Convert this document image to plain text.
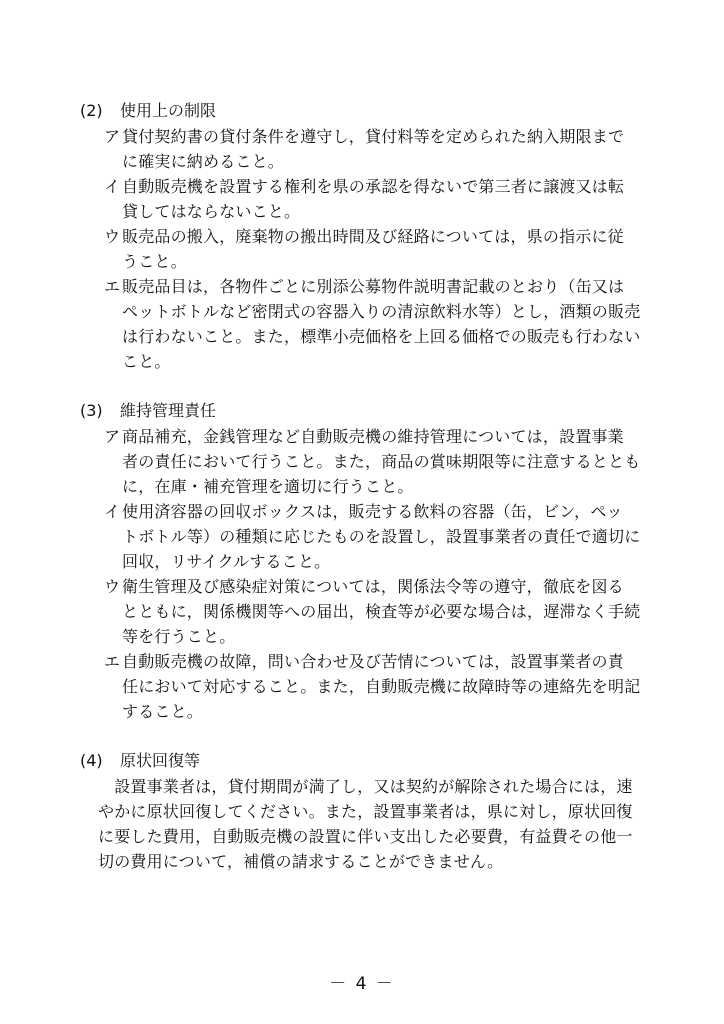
(2) 使用上の制限
ア 貸付契約書の貸付条件を遵守し，貸付料等を定められた納入期限まで
に確実に納めること。
イ 自動販売機を設置する権利を県の承認を得ないで第三者に譲渡又は転
貸してはならないこと。
ウ 販売品の搬入，廃棄物の搬出時間及び経路については，県の指示に従
うこと。
エ 販売品目は，各物件ごとに別添公募物件説明書記載のとおり（缶又は
ペットボトルなど密閉式の容器入りの清涼飲料水等）とし，酒類の販売
は行わないこと。また，標準小売価格を上回る価格での販売も行わない
こと。
(3) 維持管理責任
ア 商品補充，金銭管理など自動販売機の維持管理については，設置事業
者の責任において行うこと。また，商品の賞味期限等に注意するととも
に，在庫・補充管理を適切に行うこと。
イ 使用済容器の回収ボックスは，販売する飲料の容器（缶，ビン，ペッ
トボトル等）の種類に応じたものを設置し，設置事業者の責任で適切に
回収，リサイクルすること。
ウ 衛生管理及び感染症対策については，関係法令等の遵守，徹底を図る
とともに，関係機関等への届出，検査等が必要な場合は，遅滞なく手続
等を行うこと。
エ 自動販売機の故障，問い合わせ及び苦情については，設置事業者の責
任において対応すること。また，自動販売機に故障時等の連絡先を明記
すること。
(4) 原状回復等
　設置事業者は，貸付期間が満了し，又は契約が解除された場合には，速
やかに原状回復してください。また，設置事業者は，県に対し，原状回復
に要した費用，自動販売機の設置に伴い支出した必要費，有益費その他一
切の費用について，補償の請求することができません。
－ 4 －
